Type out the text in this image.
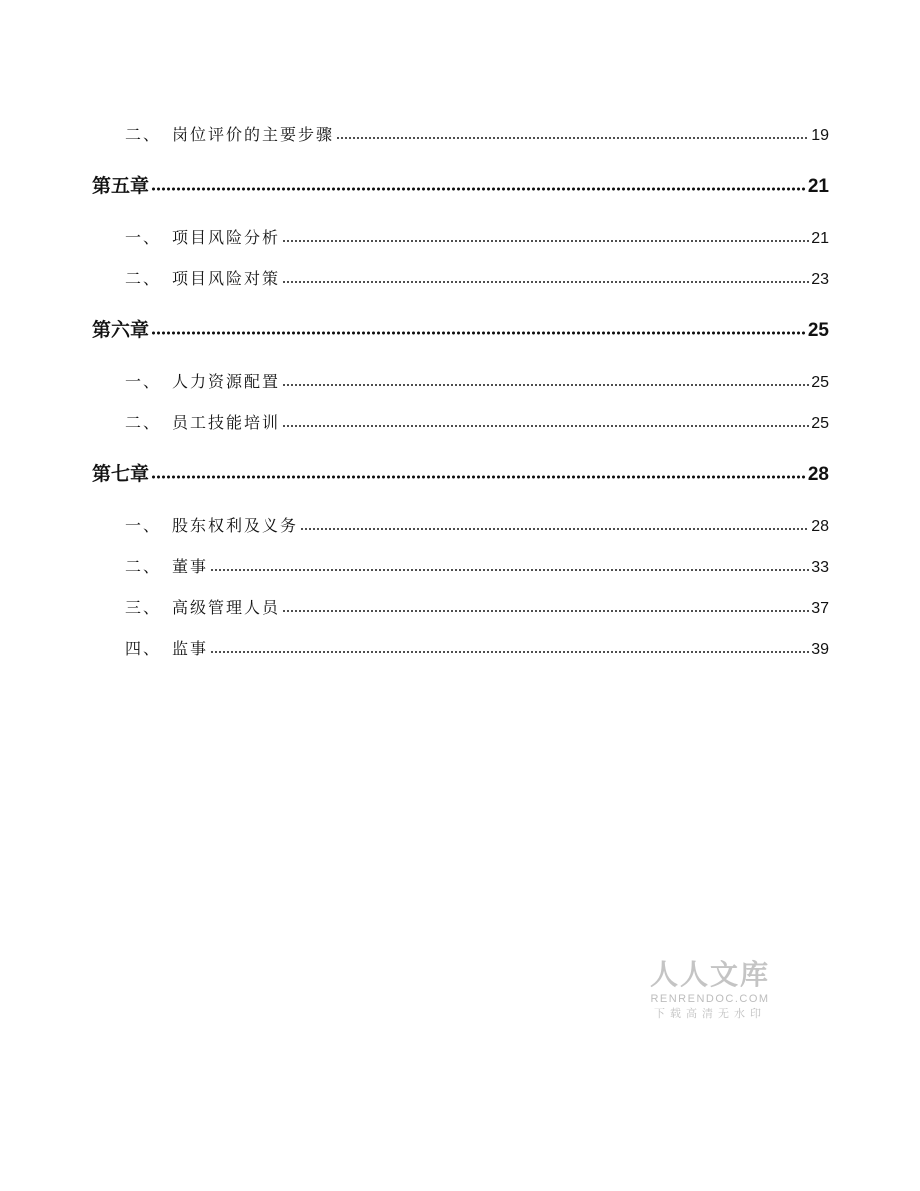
二、 岗位评价的主要步骤	19
第五章	21
一、 项目风险分析	21
二、 项目风险对策	23
第六章	25
一、 人力资源配置	25
二、 员工技能培训	25
第七章	28
一、 股东权利及义务	28
二、 董事	33
三、 高级管理人员	37
四、 监事	39
人人文库
RENRENDOC.COM
下载高清无水印
